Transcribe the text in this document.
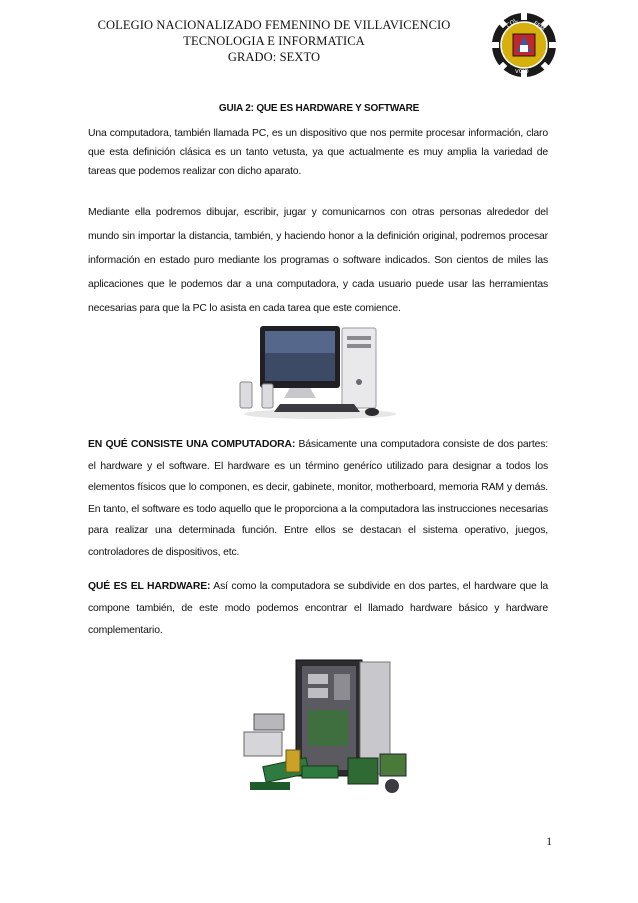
COLEGIO NACIONALIZADO FEMENINO DE VILLAVICENCIO
TECNOLOGIA E INFORMATICA
GRADO: SEXTO
COL FEM
VCIO
GUIA 2: QUE ES HARDWARE Y SOFTWARE

Una computadora, también llamada PC, es un dispositivo que nos permite procesar información, claro que esta definición clásica es un tanto vetusta, ya que actualmente es muy amplia la variedad de tareas que podemos realizar con dicho aparato.

Mediante ella podremos dibujar, escribir, jugar y comunicarnos con otras personas alrededor del mundo sin importar la distancia, también, y haciendo honor a la definición original, podremos procesar información en estado puro mediante los programas o software indicados. Son cientos de miles las aplicaciones que le podemos dar a una computadora, y cada usuario puede usar las herramientas necesarias para que la PC lo asista en cada tarea que este comience.

EN QUÉ CONSISTE UNA COMPUTADORA: Básicamente una computadora consiste de dos partes: el hardware y el software. El hardware es un término genérico utilizado para designar a todos los elementos físicos que lo componen, es decir, gabinete, monitor, motherboard, memoria RAM y demás. En tanto, el software es todo aquello que le proporciona a la computadora las instrucciones necesarias para realizar una determinada función. Entre ellos se destacan el sistema operativo, juegos, controladores de dispositivos, etc.

QUÉ ES EL HARDWARE: Así como la computadora se subdivide en dos partes, el hardware que la compone también, de este modo podemos encontrar el llamado hardware básico y hardware complementario.

1
